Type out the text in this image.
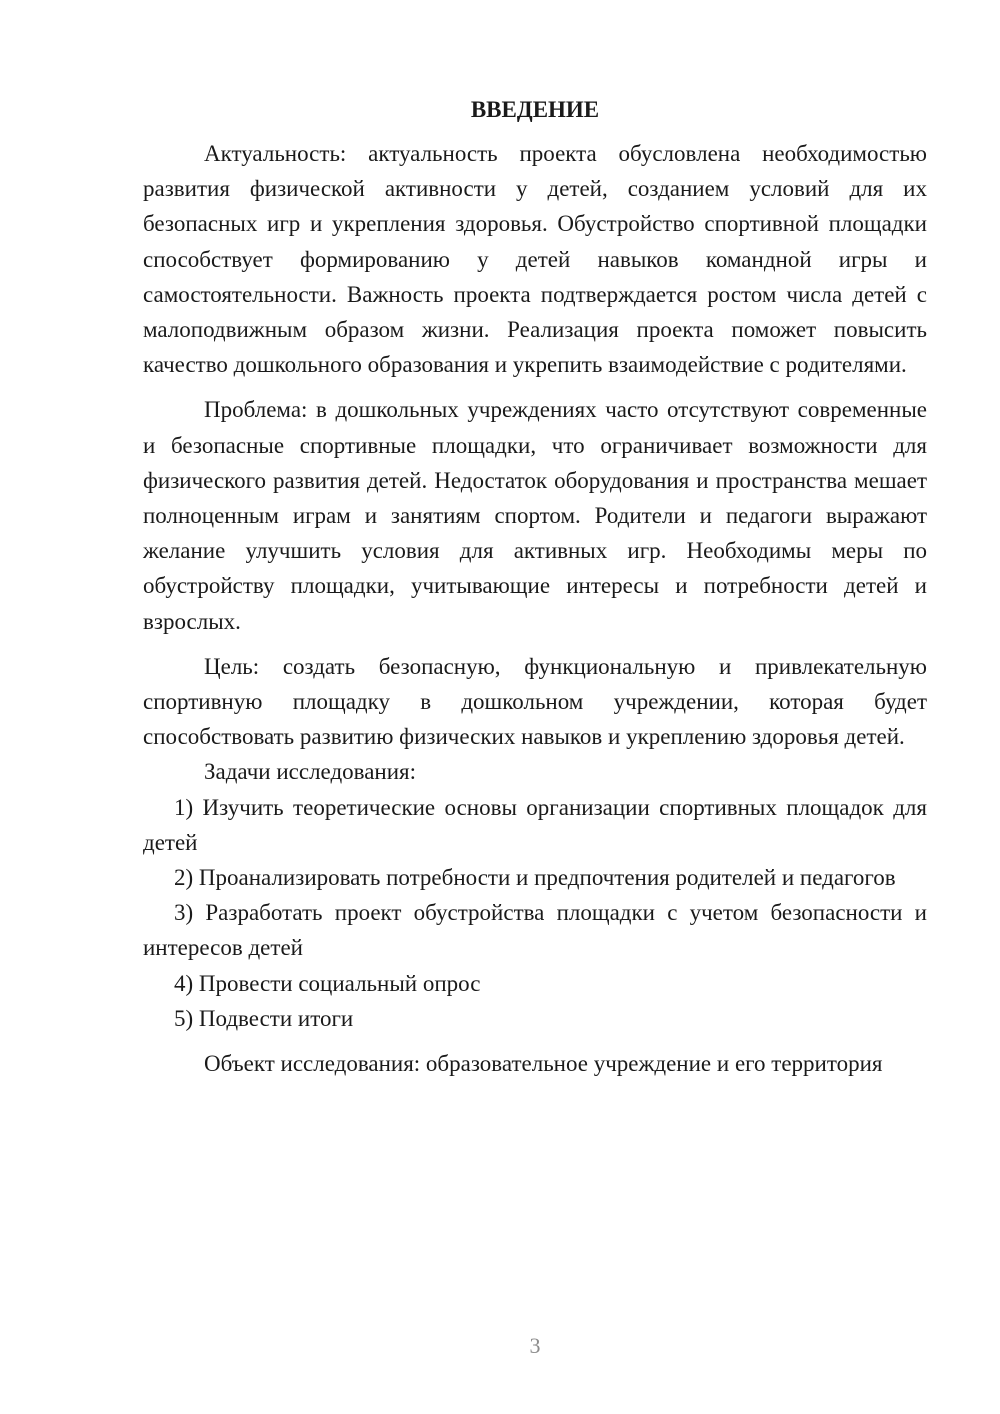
ВВЕДЕНИЕ

Актуальность: актуальность проекта обусловлена необходимостью развития физической активности у детей, созданием условий для их безопасных игр и укрепления здоровья. Обустройство спортивной площадки способствует формированию у детей навыков командной игры и самостоятельности. Важность проекта подтверждается ростом числа детей с малоподвижным образом жизни. Реализация проекта поможет повысить качество дошкольного образования и укрепить взаимодействие с родителями.

Проблема: в дошкольных учреждениях часто отсутствуют современные и безопасные спортивные площадки, что ограничивает возможности для физического развития детей. Недостаток оборудования и пространства мешает полноценным играм и занятиям спортом. Родители и педагоги выражают желание улучшить условия для активных игр. Необходимы меры по обустройству площадки, учитывающие интересы и потребности детей и взрослых.

Цель: создать безопасную, функциональную и привлекательную спортивную площадку в дошкольном учреждении, которая будет способствовать развитию физических навыков и укреплению здоровья детей.

Задачи исследования:

1) Изучить теоретические основы организации спортивных площадок для детей

2) Проанализировать потребности и предпочтения родителей и педагогов

3) Разработать проект обустройства площадки с учетом безопасности и интересов детей

4) Провести социальный опрос

5) Подвести итоги

Объект исследования: образовательное учреждение и его территория

3
